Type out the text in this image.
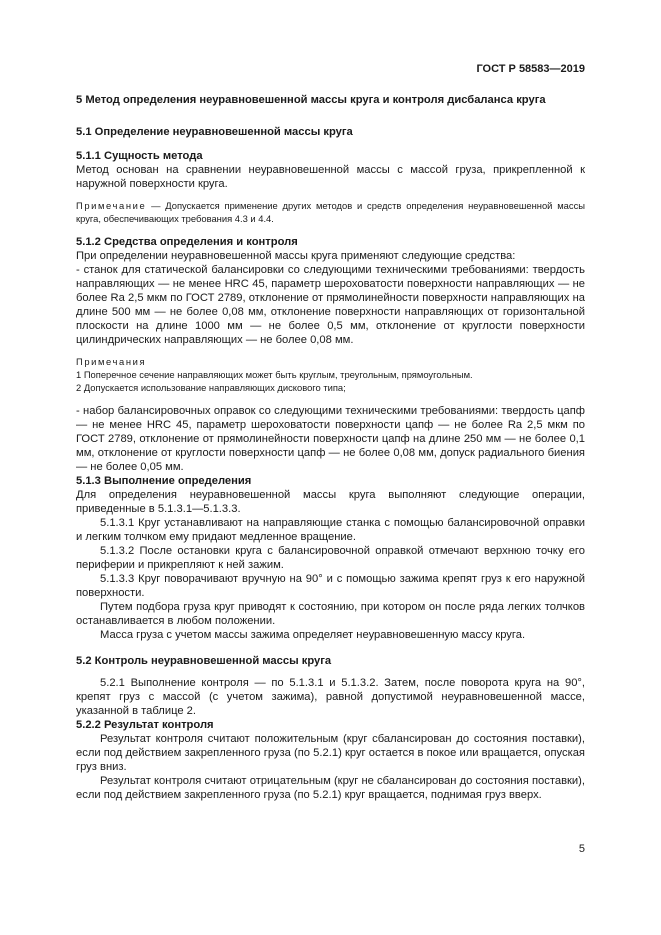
ГОСТ Р 58583—2019

5 Метод определения неуравновешенной массы круга и контроля дисбаланса круга

5.1 Определение неуравновешенной массы круга

5.1.1 Сущность метода

Метод основан на сравнении неуравновешенной массы с массой груза, прикрепленной к наружной поверхности круга.

Примечание — Допускается применение других методов и средств определения неуравновешенной массы круга, обеспечивающих требования 4.3 и 4.4.

5.1.2 Средства определения и контроля

При определении неуравновешенной массы круга применяют следующие средства:

- станок для статической балансировки со следующими техническими требованиями: твердость направляющих — не менее HRC 45, параметр шероховатости поверхности направляющих — не более Ra 2,5 мкм по ГОСТ 2789, отклонение от прямолинейности поверхности направляющих на длине 500 мм — не более 0,08 мм, отклонение поверхности направляющих от горизонтальной плоскости на длине 1000 мм — не более 0,5 мм, отклонение от круглости поверхности цилиндрических направляющих — не более 0,08 мм.

Примечания

1 Поперечное сечение направляющих может быть круглым, треугольным, прямоугольным.

2 Допускается использование направляющих дискового типа;

- набор балансировочных оправок со следующими техническими требованиями: твердость цапф — не менее HRC 45, параметр шероховатости поверхности цапф — не более Ra 2,5 мкм по ГОСТ 2789, отклонение от прямолинейности поверхности цапф на длине 250 мм — не более 0,1 мм, отклонение от круглости поверхности цапф — не более 0,08 мм, допуск радиального биения — не более 0,05 мм.

5.1.3 Выполнение определения

Для определения неуравновешенной массы круга выполняют следующие операции, приведенные в 5.1.3.1—5.1.3.3.

5.1.3.1 Круг устанавливают на направляющие станка с помощью балансировочной оправки и легким толчком ему придают медленное вращение.

5.1.3.2 После остановки круга с балансировочной оправкой отмечают верхнюю точку его периферии и прикрепляют к ней зажим.

5.1.3.3 Круг поворачивают вручную на 90° и с помощью зажима крепят груз к его наружной поверхности.

Путем подбора груза круг приводят к состоянию, при котором он после ряда легких толчков останавливается в любом положении.

Масса груза с учетом массы зажима определяет неуравновешенную массу круга.

5.2 Контроль неуравновешенной массы круга

5.2.1 Выполнение контроля — по 5.1.3.1 и 5.1.3.2. Затем, после поворота круга на 90°, крепят груз с массой (с учетом зажима), равной допустимой неуравновешенной массе, указанной в таблице 2.

5.2.2 Результат контроля

Результат контроля считают положительным (круг сбалансирован до состояния поставки), если под действием закрепленного груза (по 5.2.1) круг остается в покое или вращается, опуская груз вниз.

Результат контроля считают отрицательным (круг не сбалансирован до состояния поставки), если под действием закрепленного груза (по 5.2.1) круг вращается, поднимая груз вверх.

5
